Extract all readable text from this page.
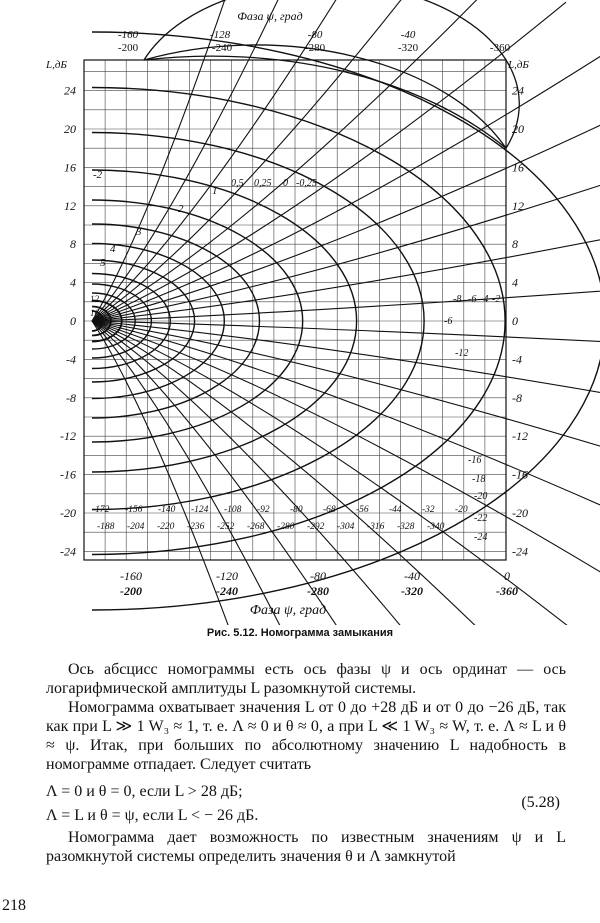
Фаза ψ, град
-160	-128	-80	-40
-200	-240	-280	-320	-360
L,дБ	L,дБ
24
20
16
12
8
4
0
-4
-8
-12
-16
-20
-24
24
20
16
12
8
4
0
-4
-8
-12
-16
-20
-24
0,5 0,25 0 -0,25
-2
1
3
4
2
5
-8 -6 -4 -2
-6
-12
-16
-18
-20
-22
-24
12
16
-172 -156 -140 -124 -108 -92 -80 -68 -56 -44 -32 -20
-188 -204 -220 -236 -252 -268 -280 -292 -304 -316 -328 -340
-160	-120	-80	-40	0
-200	-240	-280	-320	-360
Фаза ψ, град
Рис. 5.12. Номограмма замыкания

Ось абсцисс номограммы есть ось фазы ψ и ось ординат — ось логарифмической амплитуды L разомкнутой системы.

Номограмма охватывает значения L от 0 до +28 дБ и от 0 до −26 дБ, так как при L ≫ 1 W₃ ≈ 1, т. е. Λ ≈ 0 и θ ≈ 0, а при L ≪ 1 W₃ ≈ W, т. е. Λ ≈ L и θ ≈ ψ. Итак, при больших по абсолютному значению L надобность в номограмме отпадает. Следует считать

Λ = 0 и θ = 0, если L > 28 дБ;
Λ = L и θ = ψ, если L < − 26 дБ.
(5.28)

Номограмма дает возможность по известным значениям ψ и L разомкнутой системы определить значения θ и Λ замкнутой

218
